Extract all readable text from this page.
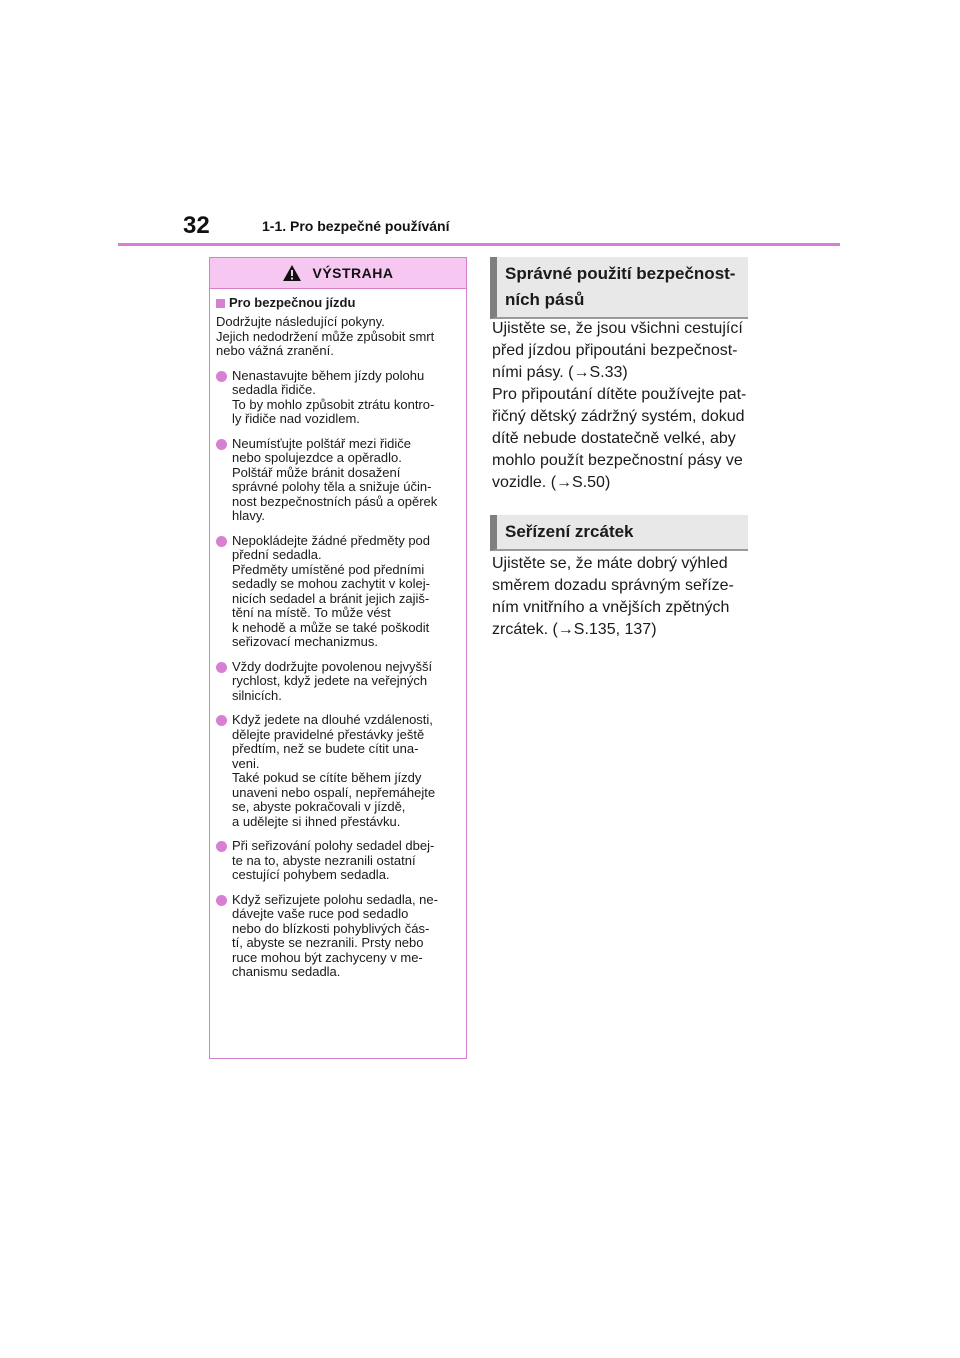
32	1-1. Pro bezpečné používání
VÝSTRAHA
Pro bezpečnou jízdu
Dodržujte následující pokyny.
Jejich nedodržení může způsobit smrt
nebo vážná zranění.
Nenastavujte během jízdy polohu
sedadla řidiče.
To by mohlo způsobit ztrátu kontro-
ly řidiče nad vozidlem.
Neumísťujte polštář mezi řidiče
nebo spolujezdce a opěradlo.
Polštář může bránit dosažení
správné polohy těla a snižuje účin-
nost bezpečnostních pásů a opěrek
hlavy.
Nepokládejte žádné předměty pod
přední sedadla.
Předměty umístěné pod předními
sedadly se mohou zachytit v kolej-
nicích sedadel a bránit jejich zajiš-
tění na místě. To může vést
k nehodě a může se také poškodit
seřizovací mechanizmus.
Vždy dodržujte povolenou nejvyšší
rychlost, když jedete na veřejných
silnicích.
Když jedete na dlouhé vzdálenosti,
dělejte pravidelné přestávky ještě
předtím, než se budete cítit una-
veni.
Také pokud se cítíte během jízdy
unaveni nebo ospalí, nepřemáhejte
se, abyste pokračovali v jízdě,
a udělejte si ihned přestávku.
Při seřizování polohy sedadel dbej-
te na to, abyste nezranili ostatní
cestující pohybem sedadla.
Když seřizujete polohu sedadla, ne-
dávejte vaše ruce pod sedadlo
nebo do blízkosti pohyblivých čás-
tí, abyste se nezranili. Prsty nebo
ruce mohou být zachyceny v me-
chanismu sedadla.
Správné použití bezpečnost-
ních pásů
Ujistěte se, že jsou všichni cestující
před jízdou připoutáni bezpečnost-
ními pásy. (→S.33)
Pro připoutání dítěte používejte pat-
řičný dětský zádržný systém, dokud
dítě nebude dostatečně velké, aby
mohlo použít bezpečnostní pásy ve
vozidle. (→S.50)
Seřízení zrcátek
Ujistěte se, že máte dobrý výhled
směrem dozadu správným seříze-
ním vnitřního a vnějších zpětných
zrcátek. (→S.135, 137)
